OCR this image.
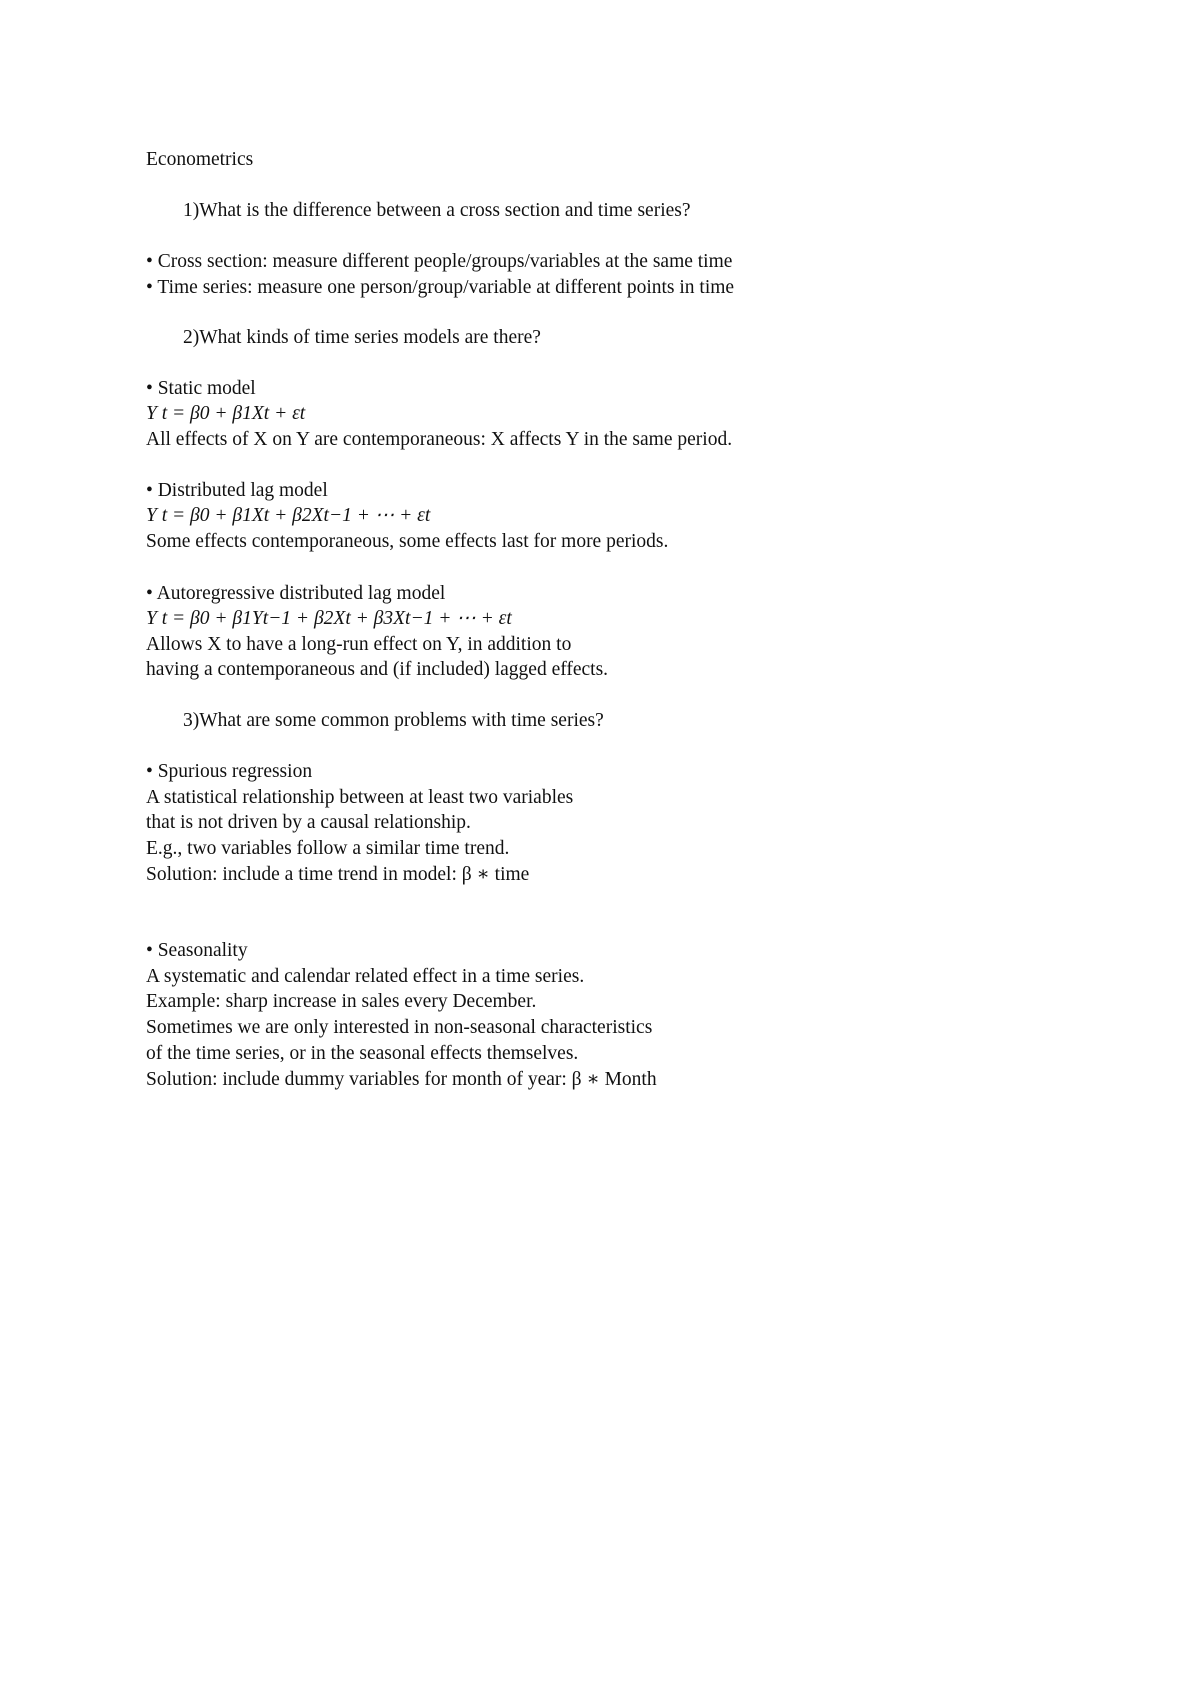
Econometrics
1)What is the difference between a cross section and time series?
• Cross section: measure different people/groups/variables at the same time
• Time series: measure one person/group/variable at different points in time
2)What kinds of time series models are there?
• Static model
Y t = β0 + β1Xt + εt
All effects of X on Y are contemporaneous: X affects Y in the same period.
• Distributed lag model
Y t = β0 + β1Xt + β2Xt−1 + ⋯ + εt
Some effects contemporaneous, some effects last for more periods.
• Autoregressive distributed lag model
Y t = β0 + β1Yt−1 + β2Xt + β3Xt−1 + ⋯ + εt
Allows X to have a long-run effect on Y, in addition to
having a contemporaneous and (if included) lagged effects.
3)What are some common problems with time series?
• Spurious regression
A statistical relationship between at least two variables
that is not driven by a causal relationship.
E.g., two variables follow a similar time trend.
Solution: include a time trend in model: β ∗ time
• Seasonality
A systematic and calendar related effect in a time series.
Example: sharp increase in sales every December.
Sometimes we are only interested in non-seasonal characteristics
of the time series, or in the seasonal effects themselves.
Solution: include dummy variables for month of year: β ∗ Month
